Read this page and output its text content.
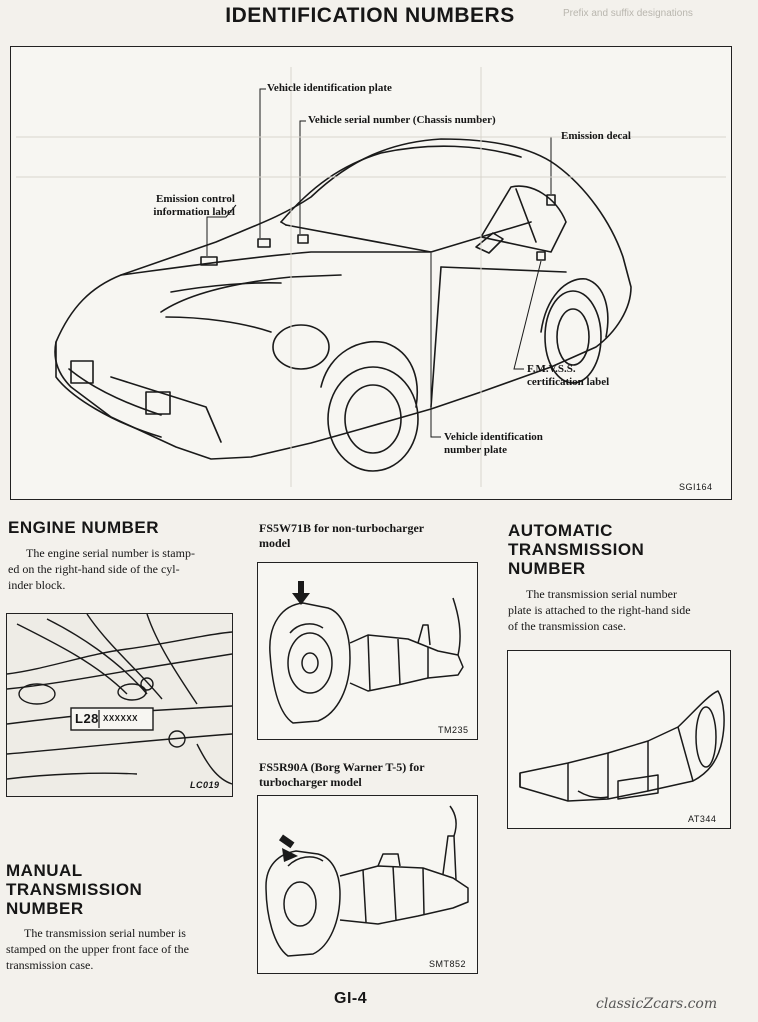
Prefix and suffix designations
IDENTIFICATION NUMBERS
Vehicle identification plate
Vehicle serial number (Chassis number)
Emission decal
Emission control
information label
F.M.V.S.S.
certification label
Vehicle identification
number plate
SGI164
ENGINE NUMBER
The engine serial number is stamp-
ed on the right-hand side of the cyl-
inder block.
L28 XXXXXX
LC019
MANUAL
TRANSMISSION
NUMBER
The transmission serial number is
stamped on the upper front face of the
transmission case.
FS5W71B for non-turbocharger
model
TM235
FS5R90A (Borg Warner T-5) for
turbocharger model
SMT852
AUTOMATIC
TRANSMISSION
NUMBER
The transmission serial number
plate is attached to the right-hand side
of the transmission case.
AT344
GI-4	classicZcars.com
